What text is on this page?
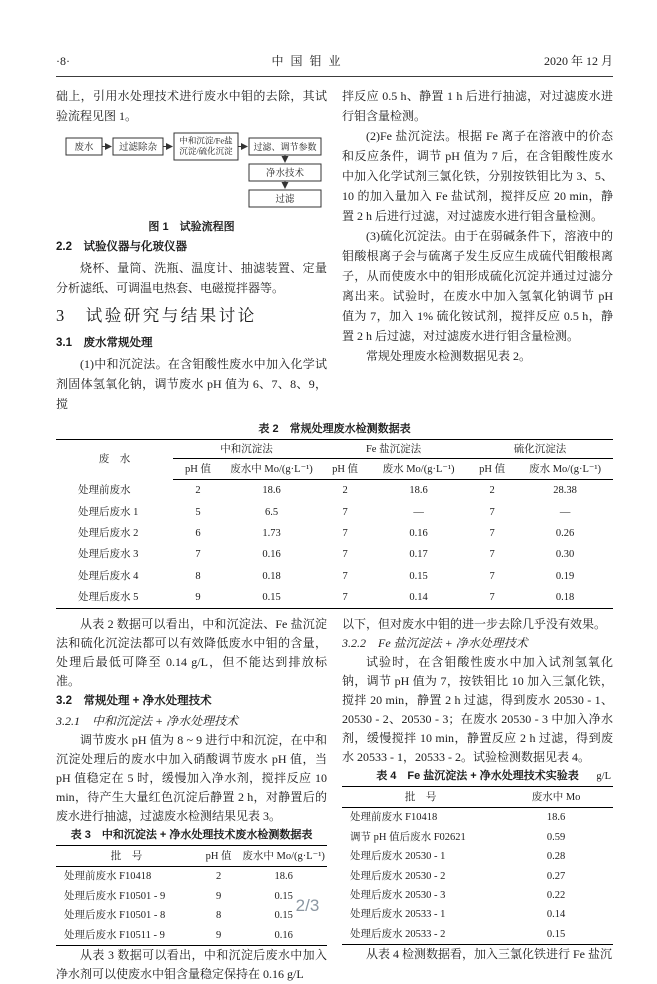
·8·	中 国 钼 业	2020 年 12 月

础上，引用水处理技术进行废水中钼的去除，其试验流程见图 1。

废水	过滤除杂
中和沉淀/Fe盐
沉淀/硫化沉淀 过滤、调节参数
净水技术
过滤
图 1　试验流程图
2.2　试验仪器与化玻仪器

烧杯、量筒、洗瓶、温度计、抽滤装置、定量分析滤纸、可调温电热套、电磁搅拌器等。

3　试验研究与结果讨论
3.1　废水常规处理

(1)中和沉淀法。在含钼酸性废水中加入化学试剂固体氢氧化钠，调节废水 pH 值为 6、7、8、9，搅

拌反应 0.5 h、静置 1 h 后进行抽滤，对过滤废水进行钼含量检测。

(2)Fe 盐沉淀法。根据 Fe 离子在溶液中的价态和反应条件，调节 pH 值为 7 后，在含钼酸性废水中加入化学试剂三氯化铁，分别按铁钼比为 3、5、10 的加入量加入 Fe 盐试剂，搅拌反应 20 min，静置 2 h 后进行过滤，对过滤废水进行钼含量检测。

(3)硫化沉淀法。由于在弱碱条件下，溶液中的钼酸根离子会与硫离子发生反应生成硫代钼酸根离子，从而使废水中的钼形成硫化沉淀并通过过滤分离出来。试验时，在废水中加入氢氧化钠调节 pH 值为 7，加入 1% 硫化铵试剂，搅拌反应 0.5 h，静置 2 h 后过滤，对过滤废水进行钼含量检测。

常规处理废水检测数据见表 2。

表 2　常规处理废水检测数据表
废　水	中和沉淀法		Fe 盐沉淀法		硫化沉淀法	
	pH 值	废水中 Mo/(g·L⁻¹)	pH 值	废水 Mo/(g·L⁻¹)	pH 值	废水 Mo/(g·L⁻¹)
处理前废水	2	18.6	2	18.6	2	28.38
处理后废水 1	5	6.5	7	—	7	—
处理后废水 2	6	1.73	7	0.16	7	0.26
处理后废水 3	7	0.16	7	0.17	7	0.30
处理后废水 4	8	0.18	7	0.15	7	0.19
处理后废水 5	9	0.15	7	0.14	7	0.18

从表 2 数据可以看出，中和沉淀法、Fe 盐沉淀法和硫化沉淀法都可以有效降低废水中钼的含量，处理后最低可降至 0.14 g/L，但不能达到排放标准。

3.2　常规处理 + 净水处理技术

3.2.1　中和沉淀法 + 净水处理技术

调节废水 pH 值为 8 ~ 9 进行中和沉淀，在中和沉淀处理后的废水中加入硝酸调节废水 pH 值，当 pH 值稳定在 5 时，缓慢加入净水剂，搅拌反应 10 min，待产生大量红色沉淀后静置 2 h，对静置后的废水进行抽滤，过滤废水检测结果见表 3。

表 3　中和沉淀法 + 净水处理技术废水检测数据表
批　号	pH 值	废水中 Mo/(g·L⁻¹)
处理前废水 F10418	2	18.6
处理后废水 F10501 - 9	9	0.15
处理后废水 F10501 - 8	8	0.15
处理后废水 F10511 - 9	9	0.16

从表 3 数据可以看出，中和沉淀后废水中加入净水剂可以使废水中钼含量稳定保持在 0.16 g/L

以下，但对废水中钼的进一步去除几乎没有效果。

3.2.2　Fe 盐沉淀法 + 净水处理技术

试验时，在含钼酸性废水中加入试剂氢氧化钠，调节 pH 值为 7，按铁钼比 10 加入三氯化铁，搅拌 20 min，静置 2 h 过滤，得到废水 20530 - 1、20530 - 2、20530 - 3；在废水 20530 - 3 中加入净水剂，缓慢搅拌 10 min，静置反应 2 h 过滤，得到废水 20533 - 1，20533 - 2。试验检测数据见表 4。

表 4　Fe 盐沉淀法 + 净水处理技术实验表 g/L
批　号	废水中 Mo
处理前废水 F10418	18.6
调节 pH 值后废水 F02621	0.59
处理后废水 20530 - 1	0.28
处理后废水 20530 - 2	0.27
处理后废水 20530 - 3	0.22
处理后废水 20533 - 1	0.14
处理后废水 20533 - 2	0.15

从表 4 检测数据看，加入三氯化铁进行 Fe 盐沉

2/3
